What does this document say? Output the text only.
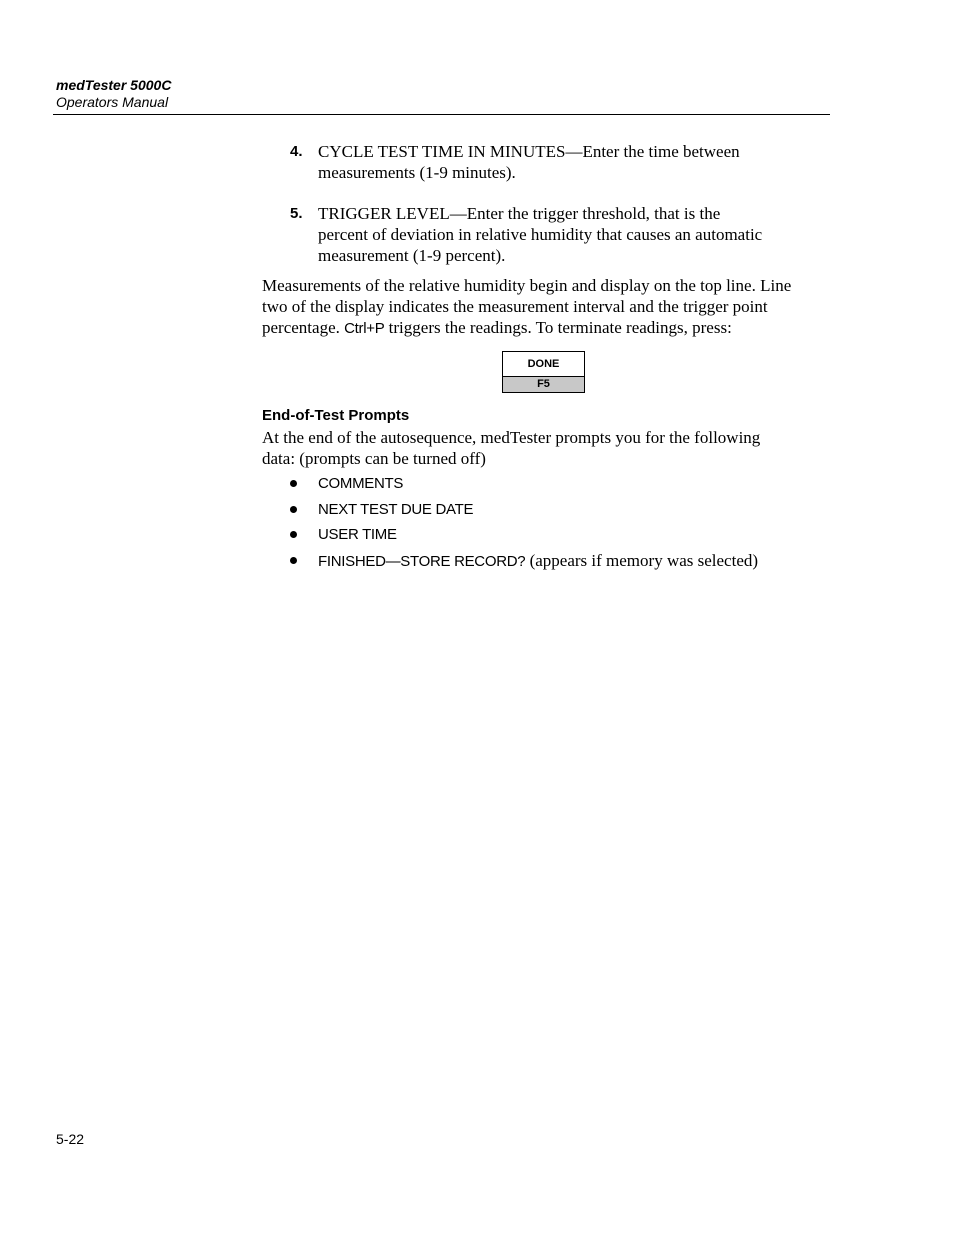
medTester 5000C
Operators Manual
4. CYCLE TEST TIME IN MINUTES—Enter the time between
measurements (1-9 minutes).
5. TRIGGER LEVEL—Enter the trigger threshold, that is the
percent of deviation in relative humidity that causes an automatic
measurement (1-9 percent).
Measurements of the relative humidity begin and display on the top line. Line
two of the display indicates the measurement interval and the trigger point
percentage. Ctrl+P triggers the readings. To terminate readings, press:
DONE
F5
End-of-Test Prompts
At the end of the autosequence, medTester prompts you for the following
data: (prompts can be turned off)
COMMENTS
NEXT TEST DUE DATE
USER TIME
FINISHED—STORE RECORD? (appears if memory was selected)
5-22
